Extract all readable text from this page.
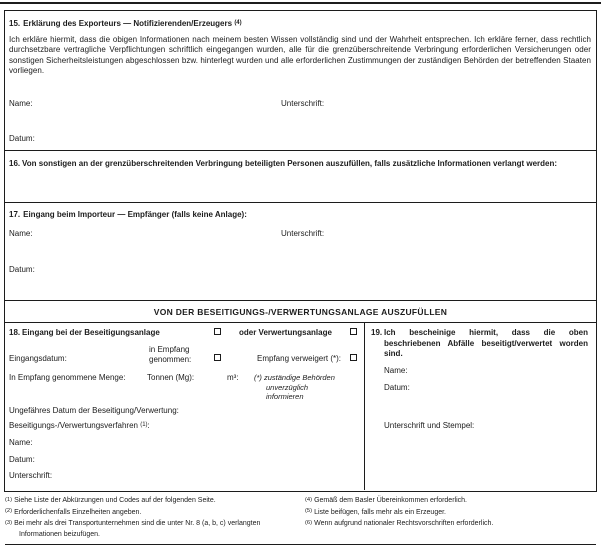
15. Erklärung des Exporteurs — Notifizierenden/Erzeugers $^{(4)}$

Ich erkläre hiermit, dass die obigen Informationen nach meinem besten Wissen vollständig sind und der Wahrheit entsprechen. Ich erkläre ferner, dass rechtlich durchsetzbare vertragliche Verpflichtungen schriftlich eingegangen wurden, alle für die grenzüberschreitende Verbringung erforderlichen Versicherungen oder sonstigen Sicherheitsleistungen abgeschlossen bzw. hinterlegt wurden und alle erforderlichen Zustimmungen der zuständigen Behörden der betreffenden Staaten vorliegen.

Name:	Unterschrift:
Datum:
16. Von sonstigen an der grenzüberschreitenden Verbringung beteiligten Personen auszufüllen, falls zusätzliche Informationen verlangt werden:
17. Eingang beim Importeur — Empfänger (falls keine Anlage):
Name:	Unterschrift:
Datum:
VON DER BESEITIGUNGS-/VERWERTUNGSANLAGE AUSZUFÜLLEN
18. Eingang bei der Beseitigungsanlage	oder Verwertungsanlage
Eingangsdatum:
in Empfang genommen:	Empfang verweigert (*):
In Empfang genommene Menge:	Tonnen (Mg):	m³: (*) zuständige Behörden unverzüglich informieren
Ungefähres Datum der Beseitigung/Verwertung:
Beseitigungs-/Verwertungsverfahren $^{(1)}$:
Name:
Datum:
Unterschrift:
19. Ich bescheinige hiermit, dass die oben beschriebenen Abfälle beseitigt/verwertet worden sind.
Name:
Datum:
Unterschrift und Stempel:
$^{(1)}$ Siehe Liste der Abkürzungen und Codes auf der folgenden Seite.
$^{(2)}$ Erforderlichenfalls Einzelheiten angeben.
$^{(3)}$ Bei mehr als drei Transportunternehmen sind die unter Nr. 8 (a, b, c) verlangten Informationen beizufügen.
$^{(4)}$ Gemäß dem Basler Übereinkommen erforderlich.
$^{(5)}$ Liste beifügen, falls mehr als ein Erzeuger.
$^{(6)}$ Wenn aufgrund nationaler Rechtsvorschriften erforderlich.
